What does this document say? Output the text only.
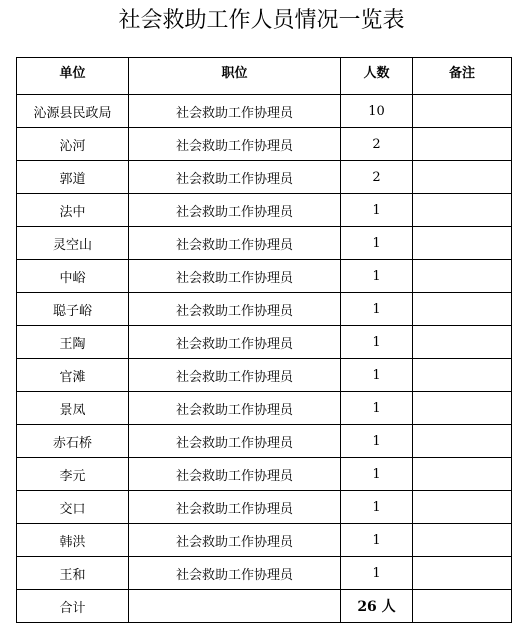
社会救助工作人员情况一览表
单位	职位	人数	备注
沁源县民政局	社会救助工作协理员	10	
沁河	社会救助工作协理员	2	
郭道	社会救助工作协理员	2	
法中	社会救助工作协理员	1	
灵空山	社会救助工作协理员	1	
中峪	社会救助工作协理员	1	
聪子峪	社会救助工作协理员	1	
王陶	社会救助工作协理员	1	
官滩	社会救助工作协理员	1	
景凤	社会救助工作协理员	1	
赤石桥	社会救助工作协理员	1	
李元	社会救助工作协理员	1	
交口	社会救助工作协理员	1	
韩洪	社会救助工作协理员	1	
王和	社会救助工作协理员	1	
合计		26 人	
